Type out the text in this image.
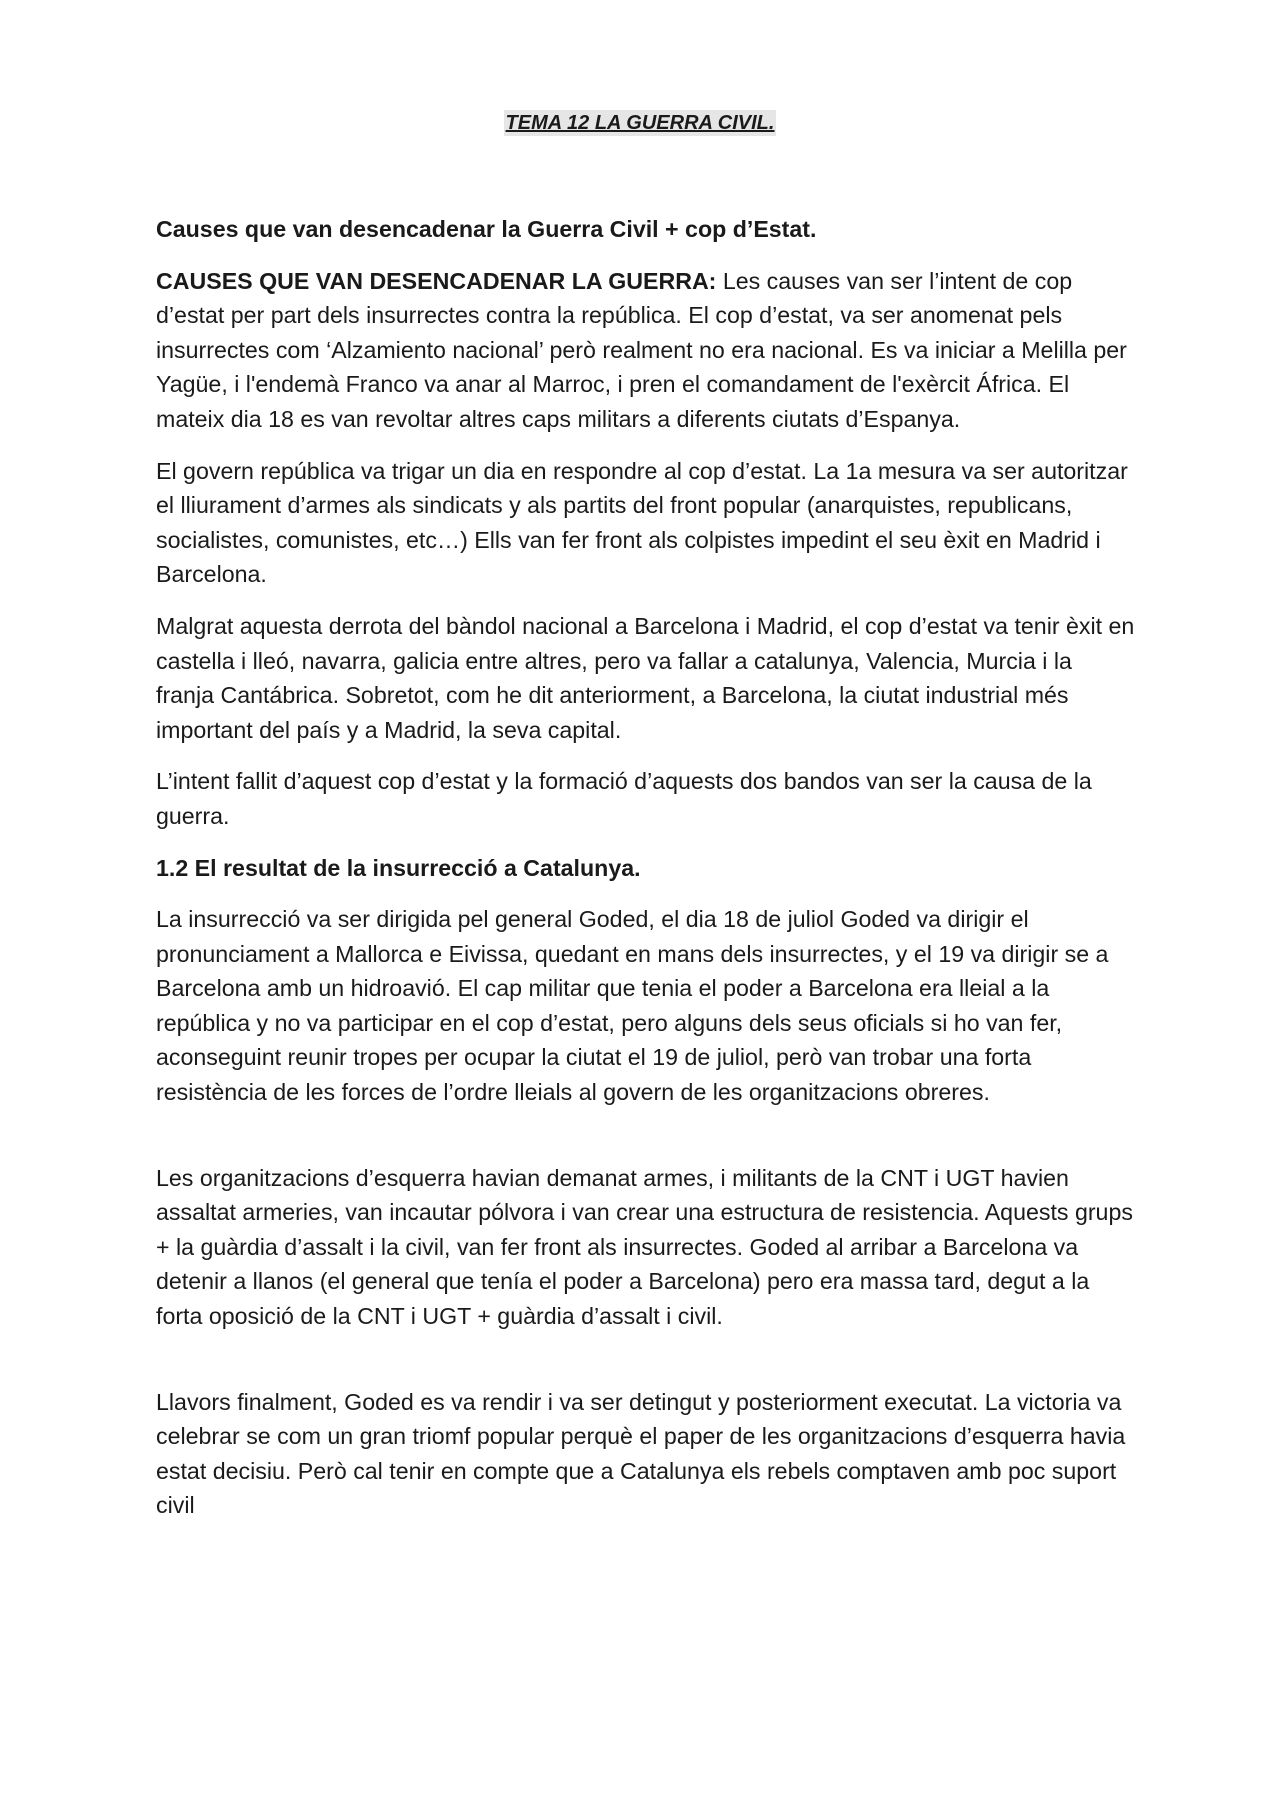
TEMA 12 LA GUERRA CIVIL.
Causes que van desencadenar la Guerra Civil + cop d’Estat.

CAUSES QUE VAN DESENCADENAR LA GUERRA: Les causes van ser l’intent de cop d’estat per part dels insurrectes contra la república. El cop d’estat, va ser anomenat pels insurrectes com ‘Alzamiento nacional’ però realment no era nacional. Es va iniciar a Melilla per Yagüe, i l'endemà Franco va anar al Marroc, i pren el comandament de l'exèrcit África. El mateix dia 18 es van revoltar altres caps militars a diferents ciutats d’Espanya.

El govern república va trigar un dia en respondre al cop d’estat. La 1a mesura va ser autoritzar el lliurament d’armes als sindicats y als partits del front popular (anarquistes, republicans, socialistes, comunistes, etc…) Ells van fer front als colpistes impedint el seu èxit en Madrid i Barcelona.

Malgrat aquesta derrota del bàndol nacional a Barcelona i Madrid, el cop d’estat va tenir èxit en castella i lleó, navarra, galicia entre altres, pero va fallar a catalunya, Valencia, Murcia i la franja Cantábrica. Sobretot, com he dit anteriorment, a Barcelona, la ciutat industrial més important del país y a Madrid, la seva capital.

L’intent fallit d’aquest cop d’estat y la formació d’aquests dos bandos van ser la causa de la guerra.

1.2 El resultat de la insurrecció a Catalunya.

La insurrecció va ser dirigida pel general Goded, el dia 18 de juliol Goded va dirigir el pronunciament a Mallorca e Eivissa, quedant en mans dels insurrectes, y el 19 va dirigir se a Barcelona amb un hidroavió. El cap militar que tenia el poder a Barcelona era lleial a la república y no va participar en el cop d’estat, pero alguns dels seus oficials si ho van fer, aconseguint reunir tropes per ocupar la ciutat el 19 de juliol, però van trobar una forta resistència de les forces de l’ordre lleials al govern de les organitzacions obreres.

Les organitzacions d’esquerra havian demanat armes, i militants de la CNT i UGT havien assaltat armeries, van incautar pólvora i van crear una estructura de resistencia. Aquests grups + la guàrdia d’assalt i la civil, van fer front als insurrectes. Goded al arribar a Barcelona va detenir a llanos (el general que tenía el poder a Barcelona) pero era massa tard, degut a la forta oposició de la CNT i UGT + guàrdia d’assalt i civil.

Llavors finalment, Goded es va rendir i va ser detingut y posteriorment executat. La victoria va celebrar se com un gran triomf popular perquè el paper de les organitzacions d’esquerra havia estat decisiu. Però cal tenir en compte que a Catalunya els rebels comptaven amb poc suport civil
